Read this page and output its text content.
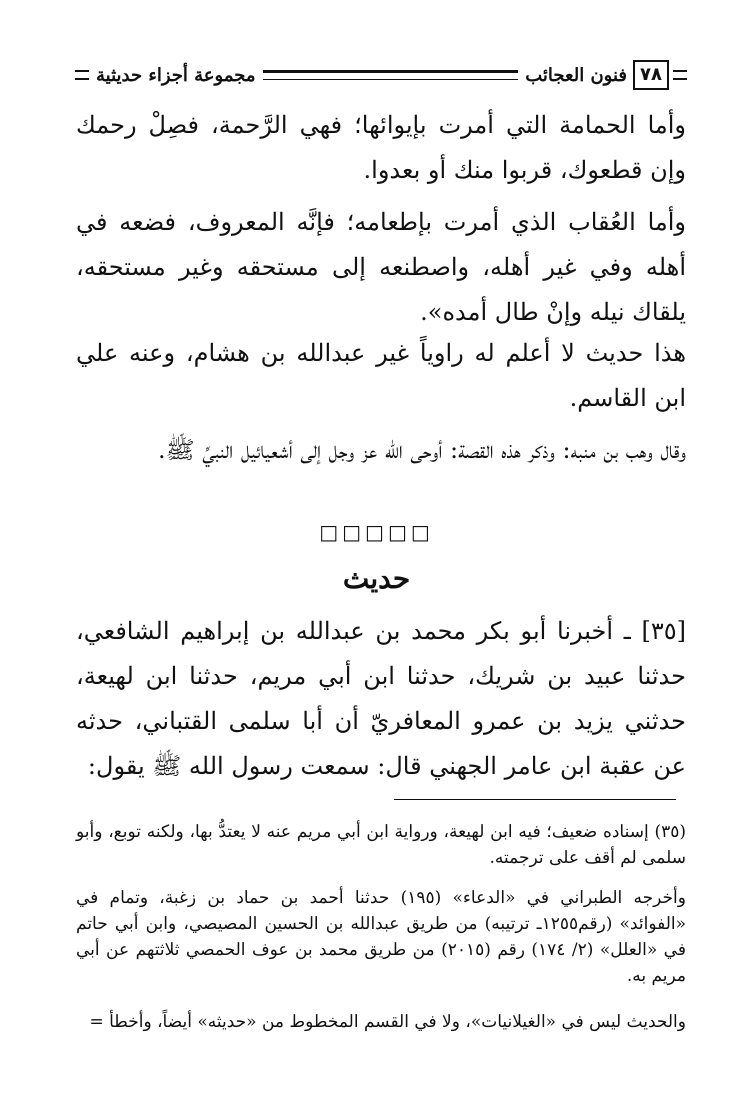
٧٨
فنون العجائب
مجموعة أجزاء حديثية
وأما الحمامة التي أمرت بإيوائها؛ فهي الرَّحمة، فصِلْ رحمك وإن قطعوك، قربوا منك أو بعدوا.
وأما العُقاب الذي أمرت بإطعامه؛ فإنَّه المعروف، فضعه في أهله وفي غير أهله، واصطنعه إلى مستحقه وغير مستحقه، يلقاك نيله وإنْ طال أمده».
هذا حديث لا أعلم له راوياً غير عبدالله بن هشام، وعنه علي ابن القاسم.
وقال وهب بن منبه: وذكر هذه القصة: أوحى الله عز وجل إلى أشعيائيل النبيِّ ﷺ.
□□□□□
حديث
[٣٥] ـ أخبرنا أبو بكر محمد بن عبدالله بن إبراهيم الشافعي، حدثنا عبيد بن شريك، حدثنا ابن أبي مريم، حدثنا ابن لهيعة، حدثني يزيد بن عمرو المعافريّ أن أبا سلمى القتباني، حدثه عن عقبة ابن عامر الجهني قال: سمعت رسول الله ﷺ يقول:

(٣٥) إسناده ضعيف؛ فيه ابن لهيعة، ورواية ابن أبي مريم عنه لا يعتدُّ بها، ولكنه توبع، وأبو سلمى لم أقف على ترجمته.

وأخرجه الطبراني في «الدعاء» (١٩٥) حدثنا أحمد بن حماد بن زغبة، وتمام في «الفوائد» (رقم١٢٥٥ـ ترتيبه) من طريق عبدالله بن الحسين المصيصي، وابن أبي حاتم في «العلل» (٢/ ١٧٤) رقم (٢٠١٥) من طريق محمد بن عوف الحمصي ثلاثتهم عن أبي مريم به.

والحديث ليس في «الغيلانيات»، ولا في القسم المخطوط من «حديثه» أيضاً، وأخطأ =
